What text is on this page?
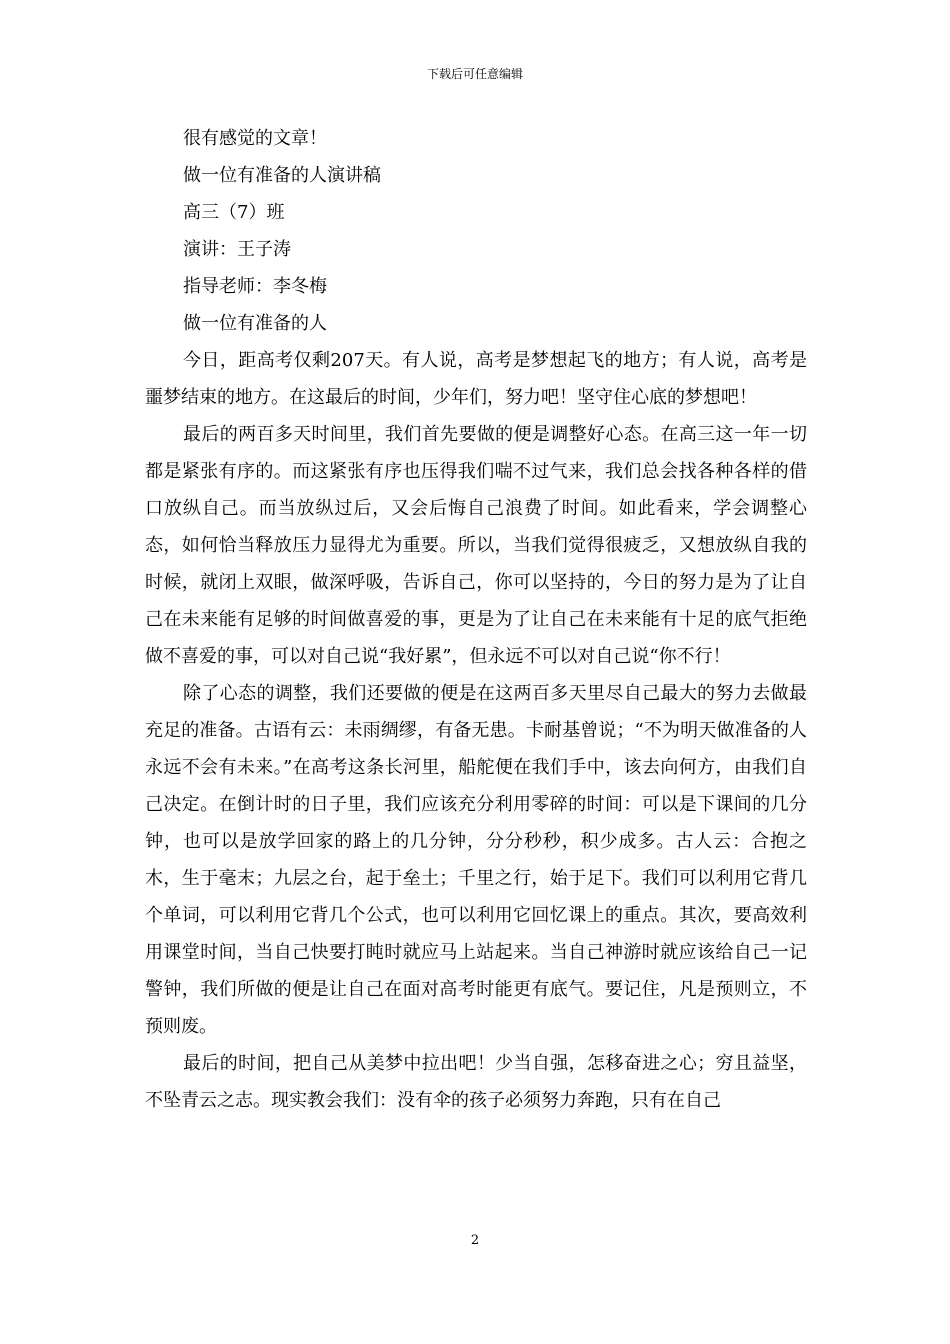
下载后可任意编辑
很有感觉的文章！
做一位有准备的人演讲稿
高三（7）班
演讲：王子涛
指导老师：李冬梅
做一位有准备的人

今日，距高考仅剩207天。有人说，高考是梦想起飞的地方；有人说，高考是噩梦结束的地方。在这最后的时间，少年们，努力吧！坚守住心底的梦想吧！

最后的两百多天时间里，我们首先要做的便是调整好心态。在高三这一年一切都是紧张有序的。而这紧张有序也压得我们喘不过气来，我们总会找各种各样的借口放纵自己。而当放纵过后，又会后悔自己浪费了时间。如此看来，学会调整心态，如何恰当释放压力显得尤为重要。所以，当我们觉得很疲乏，又想放纵自我的时候，就闭上双眼，做深呼吸，告诉自己，你可以坚持的，今日的努力是为了让自己在未来能有足够的时间做喜爱的事，更是为了让自己在未来能有十足的底气拒绝做不喜爱的事，可以对自己说“我好累”，但永远不可以对自己说“你不行！

除了心态的调整，我们还要做的便是在这两百多天里尽自己最大的努力去做最充足的准备。古语有云：未雨绸缪，有备无患。卡耐基曾说；“不为明天做准备的人永远不会有未来。”在高考这条长河里，船舵便在我们手中，该去向何方，由我们自己决定。在倒计时的日子里，我们应该充分利用零碎的时间：可以是下课间的几分钟，也可以是放学回家的路上的几分钟，分分秒秒，积少成多。古人云：合抱之木，生于毫末；九层之台，起于垒土；千里之行，始于足下。我们可以利用它背几个单词，可以利用它背几个公式，也可以利用它回忆课上的重点。其次，要高效利用课堂时间，当自己快要打盹时就应马上站起来。当自己神游时就应该给自己一记警钟，我们所做的便是让自己在面对高考时能更有底气。要记住，凡是预则立，不预则废。

最后的时间，把自己从美梦中拉出吧！少当自强，怎移奋进之心；穷且益坚，不坠青云之志。现实教会我们：没有伞的孩子必须努力奔跑，只有在自己

2
